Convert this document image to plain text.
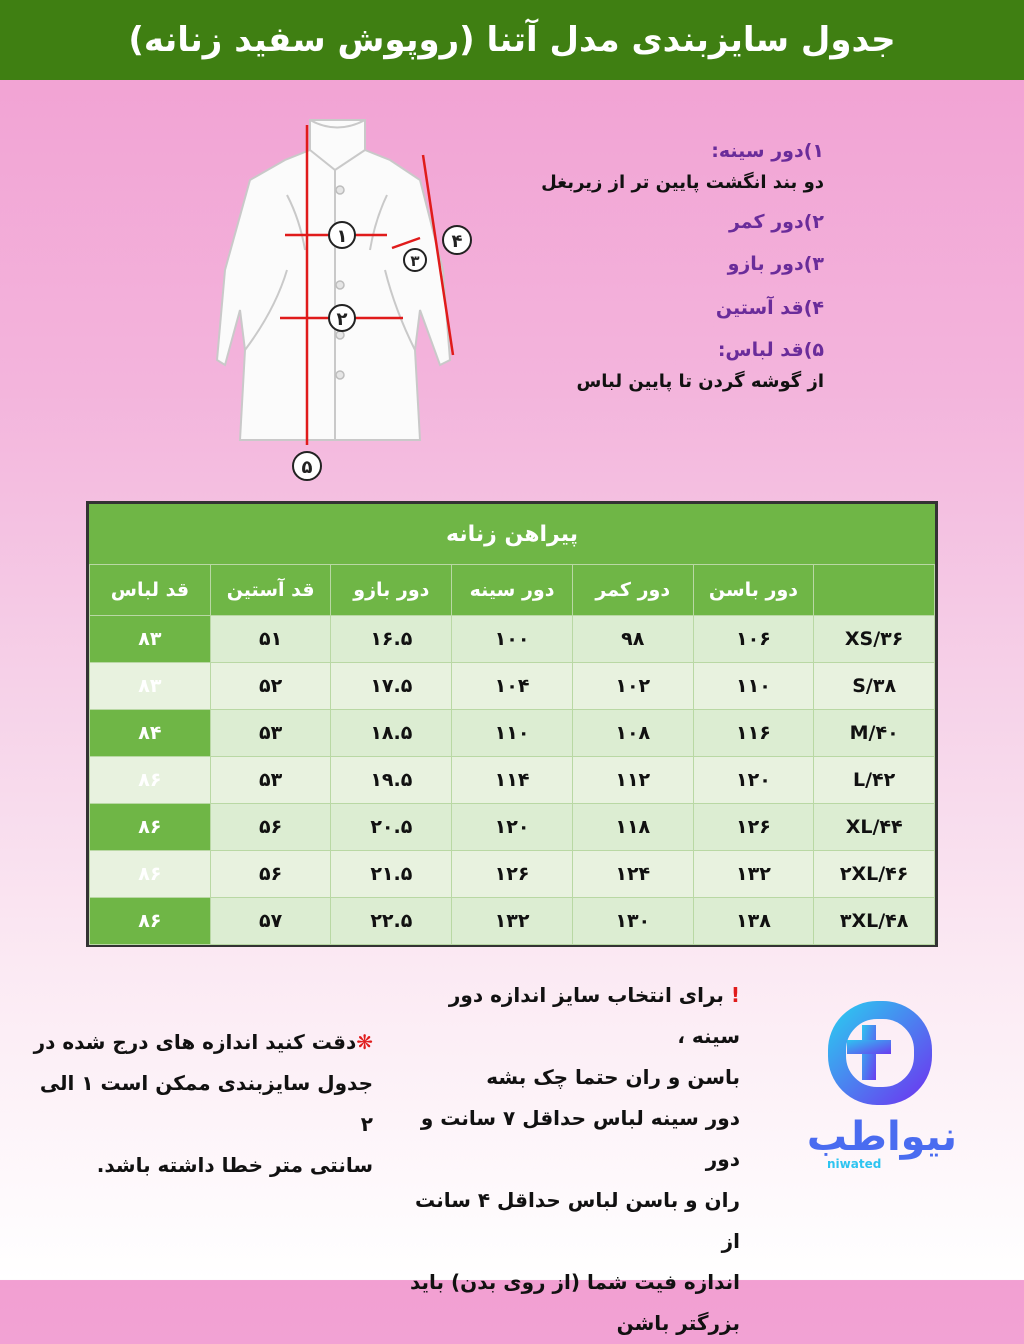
جدول سایزبندی مدل آتنا (روپوش سفید زنانه)
۱
۲
۳
۴
۵
۱)دور سینه:
دو بند انگشت پایین تر از زیربغل
۲)دور کمر
۳)دور بازو
۴)قد آستین
۵)قد لباس:
از گوشه گردن تا پایین لباس
پیراهن زنانه						
	دور باسن	دور کمر	دور سینه	دور بازو	قد آستین	قد لباس
XS/۳۶	۱۰۶	۹۸	۱۰۰	۱۶.۵	۵۱	۸۳
S/۳۸	۱۱۰	۱۰۲	۱۰۴	۱۷.۵	۵۲	۸۳
M/۴۰	۱۱۶	۱۰۸	۱۱۰	۱۸.۵	۵۳	۸۴
L/۴۲	۱۲۰	۱۱۲	۱۱۴	۱۹.۵	۵۳	۸۶
XL/۴۴	۱۲۶	۱۱۸	۱۲۰	۲۰.۵	۵۶	۸۶
۲XL/۴۶	۱۳۲	۱۲۴	۱۲۶	۲۱.۵	۵۶	۸۶
۳XL/۴۸	۱۳۸	۱۳۰	۱۳۲	۲۲.۵	۵۷	۸۶
! برای انتخاب سایز اندازه دور سینه ،
باسن و ران حتما چک بشه
دور سینه لباس حداقل ۷ سانت و دور
ران و باسن لباس حداقل ۴ سانت از
اندازه فیت شما (از روی بدن) باید
بزرگتر باشن
❋دقت کنید اندازه های درج شده در
جدول سایزبندی ممکن است ۱ الی ۲
سانتی متر خطا داشته باشد.
نیواطب
niwated
